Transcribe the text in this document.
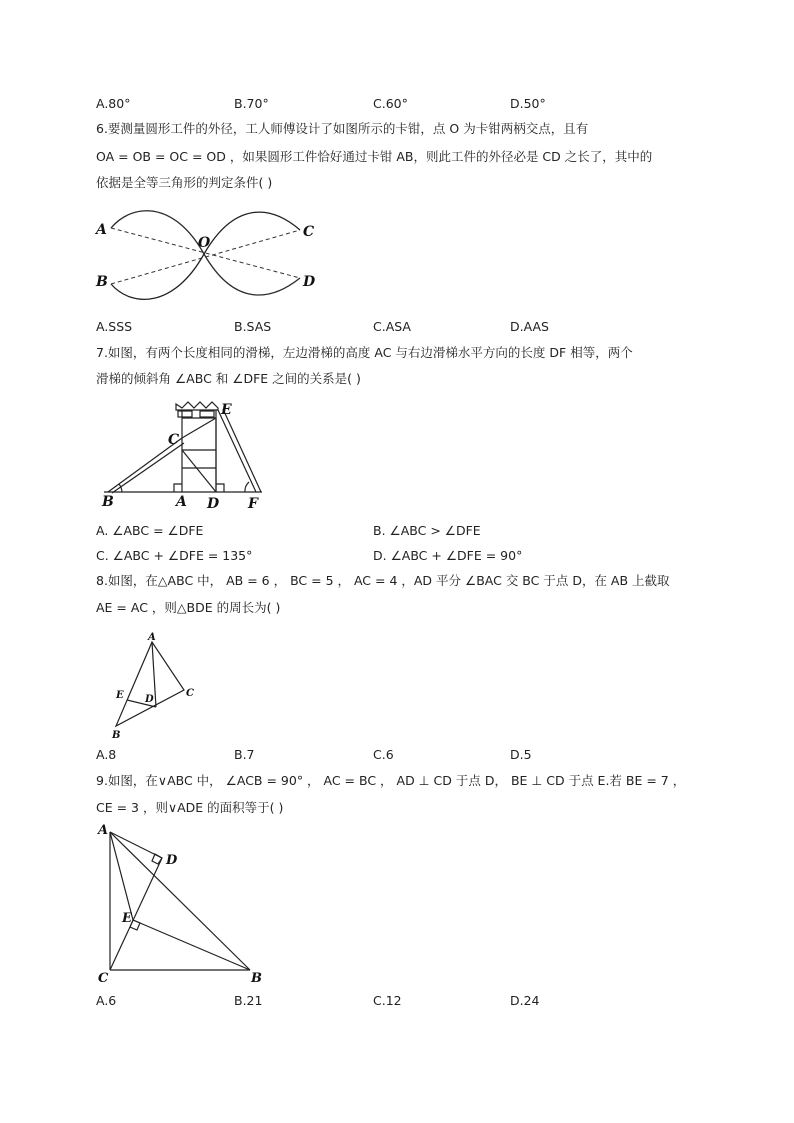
A.80°	B.70°	C.60°	D.50°
6.要测量圆形工件的外径，工人师傅设计了如图所示的卡钳，点 O 为卡钳两柄交点，且有
OA = OB = OC = OD ，如果圆形工件恰好通过卡钳 AB，则此工件的外径必是 CD 之长了，其中的
依据是全等三角形的判定条件( )
A
B
C
D
O
A.SSS	B.SAS	C.ASA	D.AAS
7.如图，有两个长度相同的滑梯，左边滑梯的高度 AC 与右边滑梯水平方向的长度 DF 相等，两个
滑梯的倾斜角 ∠ABC 和 ∠DFE 之间的关系是( )
B	A D F
C
E
A. ∠ABC = ∠DFE	B. ∠ABC > ∠DFE
C. ∠ABC + ∠DFE = 135°	D. ∠ABC + ∠DFE = 90°
8.如图，在△ABC 中， AB = 6 ， BC = 5 ， AC = 4 ，AD 平分 ∠BAC 交 BC 于点 D，在 AB 上截取
AE = AC ，则△BDE 的周长为( )
A
B
C
D
E
A.8	B.7	C.6	D.5
9.如图，在∨ABC 中， ∠ACB = 90° ， AC = BC ， AD ⊥ CD 于点 D， BE ⊥ CD 于点 E.若 BE = 7 ，
CE = 3 ，则∨ADE 的面积等于( )
A
C	B
D
E
A.6	B.21	C.12	D.24
